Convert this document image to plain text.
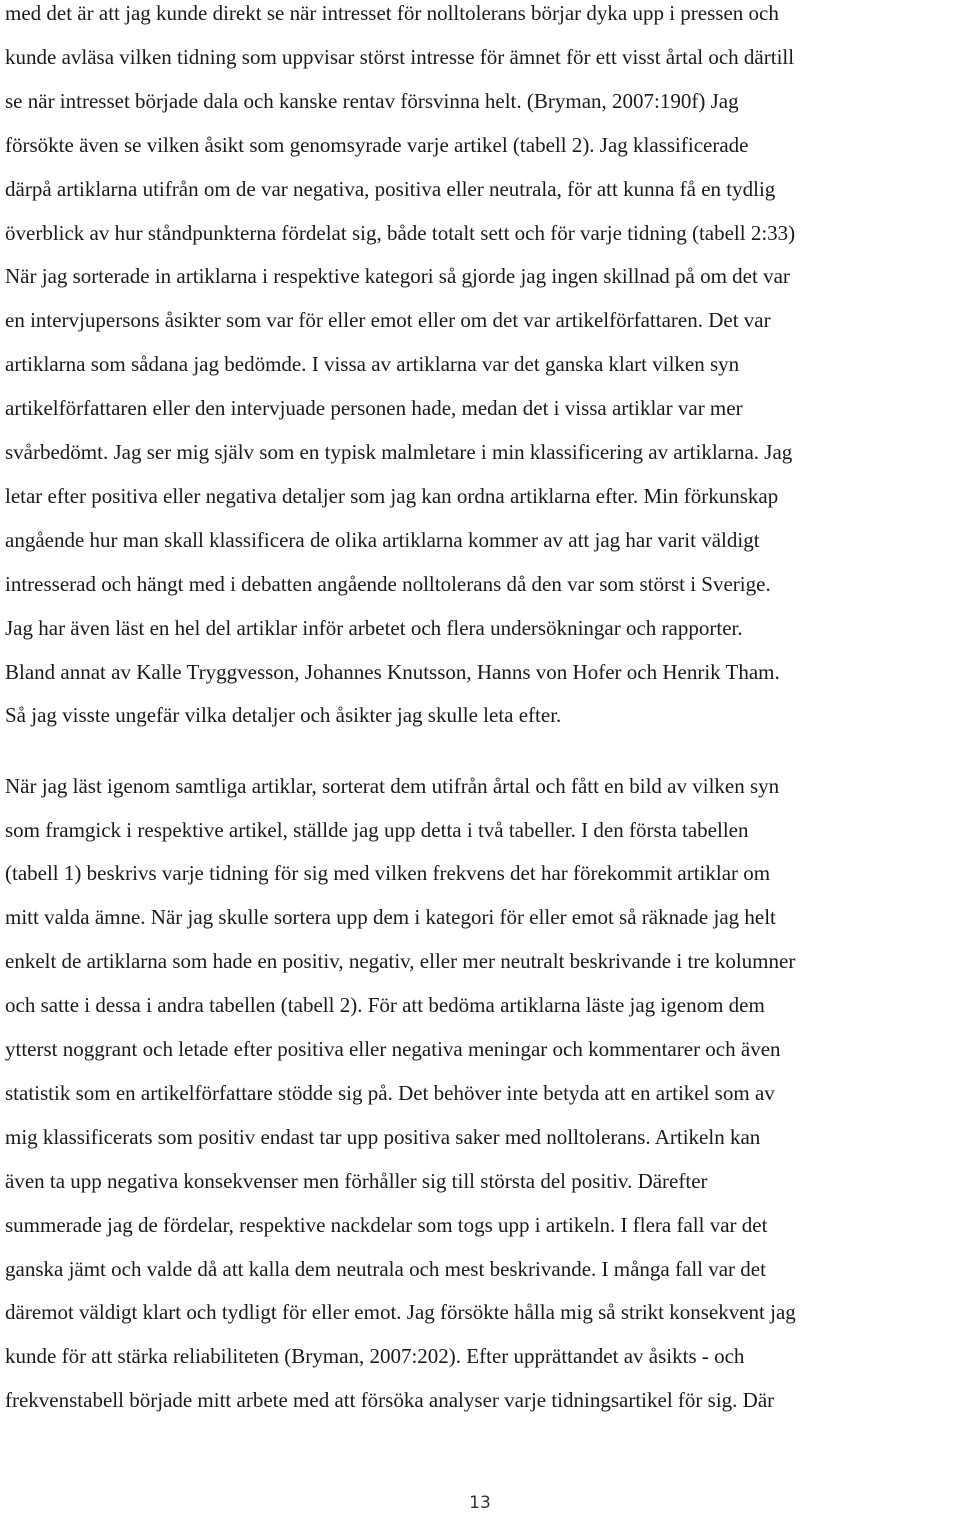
med det är att jag kunde direkt se när intresset för nolltolerans börjar dyka upp i pressen och
kunde avläsa vilken tidning som uppvisar störst intresse för ämnet för ett visst årtal och därtill
se när intresset började dala och kanske rentav försvinna helt. (Bryman, 2007:190f) Jag
försökte även se vilken åsikt som genomsyrade varje artikel (tabell 2). Jag klassificerade
därpå artiklarna utifrån om de var negativa, positiva eller neutrala, för att kunna få en tydlig
överblick av hur ståndpunkterna fördelat sig, både totalt sett och för varje tidning (tabell 2:33)
När jag sorterade in artiklarna i respektive kategori så gjorde jag ingen skillnad på om det var
en intervjupersons åsikter som var för eller emot eller om det var artikelförfattaren. Det var
artiklarna som sådana jag bedömde. I vissa av artiklarna var det ganska klart vilken syn
artikelförfattaren eller den intervjuade personen hade, medan det i vissa artiklar var mer
svårbedömt. Jag ser mig själv som en typisk malmletare i min klassificering av artiklarna. Jag
letar efter positiva eller negativa detaljer som jag kan ordna artiklarna efter. Min förkunskap
angående hur man skall klassificera de olika artiklarna kommer av att jag har varit väldigt
intresserad och hängt med i debatten angående nolltolerans då den var som störst i Sverige.
Jag har även läst en hel del artiklar inför arbetet och flera undersökningar och rapporter.
Bland annat av Kalle Tryggvesson, Johannes Knutsson, Hanns von Hofer och Henrik Tham.
Så jag visste ungefär vilka detaljer och åsikter jag skulle leta efter.
När jag läst igenom samtliga artiklar, sorterat dem utifrån årtal och fått en bild av vilken syn
som framgick i respektive artikel, ställde jag upp detta i två tabeller. I den första tabellen
(tabell 1) beskrivs varje tidning för sig med vilken frekvens det har förekommit artiklar om
mitt valda ämne. När jag skulle sortera upp dem i kategori för eller emot så räknade jag helt
enkelt de artiklarna som hade en positiv, negativ, eller mer neutralt beskrivande i tre kolumner
och satte i dessa i andra tabellen (tabell 2). För att bedöma artiklarna läste jag igenom dem
ytterst noggrant och letade efter positiva eller negativa meningar och kommentarer och även
statistik som en artikelförfattare stödde sig på. Det behöver inte betyda att en artikel som av
mig klassificerats som positiv endast tar upp positiva saker med nolltolerans. Artikeln kan
även ta upp negativa konsekvenser men förhåller sig till största del positiv. Därefter
summerade jag de fördelar, respektive nackdelar som togs upp i artikeln. I flera fall var det
ganska jämt och valde då att kalla dem neutrala och mest beskrivande. I många fall var det
däremot väldigt klart och tydligt för eller emot. Jag försökte hålla mig så strikt konsekvent jag
kunde för att stärka reliabiliteten (Bryman, 2007:202). Efter upprättandet av åsikts - och
frekvenstabell började mitt arbete med att försöka analyser varje tidningsartikel för sig. Där
13
